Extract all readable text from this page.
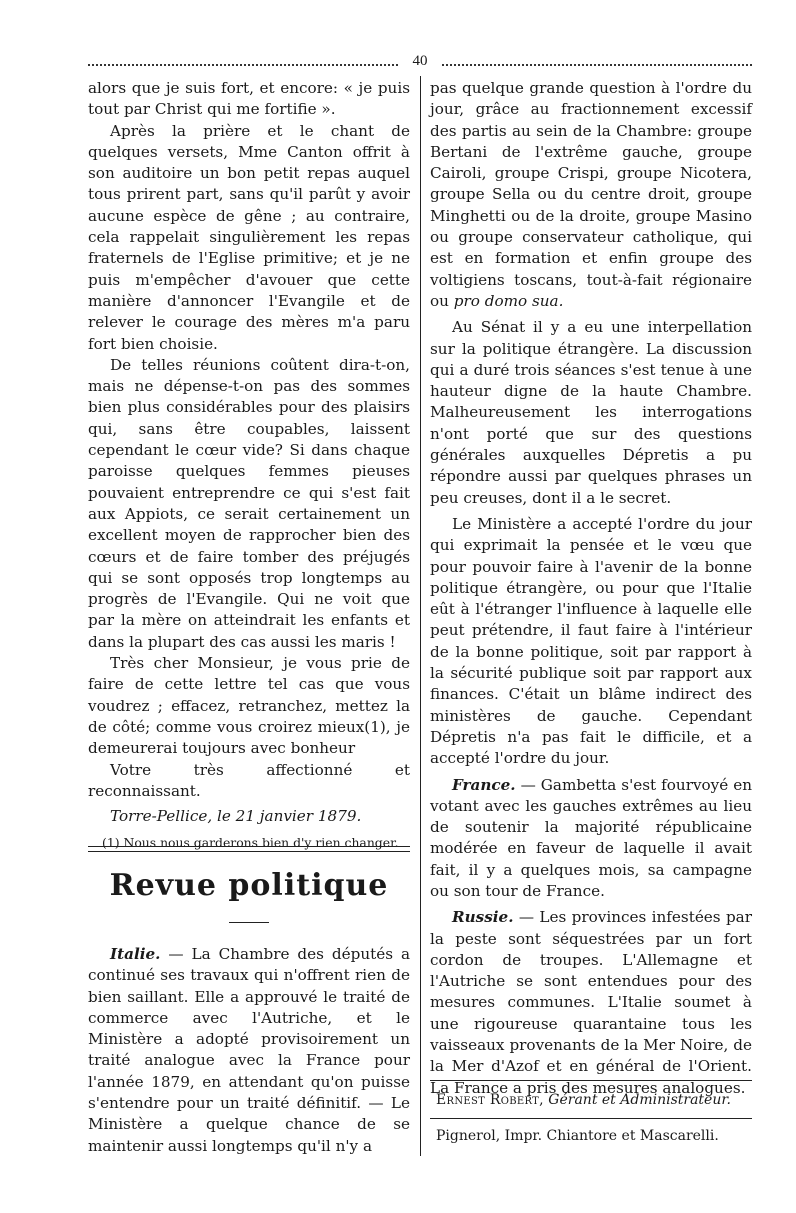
40

alors que je suis fort, et encore: « je puis tout par Christ qui me fortifie ».

Après la prière et le chant de quelques versets, Mme Canton offrit à son auditoire un bon petit repas auquel tous prirent part, sans qu'il parût y avoir aucune espèce de gêne ; au contraire, cela rappelait singulièrement les repas fraternels de l'Eglise primitive; et je ne puis m'empêcher d'avouer que cette manière d'annoncer l'Evangile et de relever le courage des mères m'a paru fort bien choisie.

De telles réunions coûtent dira-t-on, mais ne dépense-t-on pas des sommes bien plus considérables pour des plaisirs qui, sans être coupables, laissent cependant le cœur vide? Si dans chaque paroisse quelques femmes pieuses pouvaient entreprendre ce qui s'est fait aux Appiots, ce serait certainement un excellent moyen de rapprocher bien des cœurs et de faire tomber des préjugés qui se sont opposés trop longtemps au progrès de l'Evangile. Qui ne voit que par la mère on atteindrait les enfants et dans la plupart des cas aussi les maris !

Très cher Monsieur, je vous prie de faire de cette lettre tel cas que vous voudrez ; effacez, retranchez, mettez la de côté; comme vous croirez mieux(1), je demeurerai toujours avec bonheur

Votre très affectionné et reconnaissant.

Torre-Pellice, le 21 janvier 1879.

(1) Nous nous garderons bien d'y rien changer.

Revue politique

Italie. — La Chambre des députés a continué ses travaux qui n'offrent rien de bien saillant. Elle a approuvé le traité de commerce avec l'Autriche, et le Ministère a adopté provisoirement un traité analogue avec la France pour l'année 1879, en attendant qu'on puisse s'entendre pour un traité définitif. — Le Ministère a quelque chance de se maintenir aussi longtemps qu'il n'y a

pas quelque grande question à l'ordre du jour, grâce au fractionnement excessif des partis au sein de la Chambre: groupe Bertani de l'extrême gauche, groupe Cairoli, groupe Crispi, groupe Nicotera, groupe Sella ou du centre droit, groupe Minghetti ou de la droite, groupe Masino ou groupe conservateur catholique, qui est en formation et enfin groupe des voltigiens toscans, tout-à-fait régionaire ou pro domo sua.

Au Sénat il y a eu une interpellation sur la politique étrangère. La discussion qui a duré trois séances s'est tenue à une hauteur digne de la haute Chambre. Malheureusement les interrogations n'ont porté que sur des questions générales auxquelles Dépretis a pu répondre aussi par quelques phrases un peu creuses, dont il a le secret.

Le Ministère a accepté l'ordre du jour qui exprimait la pensée et le vœu que pour pouvoir faire à l'avenir de la bonne politique étrangère, ou pour que l'Italie eût à l'étranger l'influence à laquelle elle peut prétendre, il faut faire à l'intérieur de la bonne politique, soit par rapport à la sécurité publique soit par rapport aux finances. C'était un blâme indirect des ministères de gauche. Cependant Dépretis n'a pas fait le difficile, et a accepté l'ordre du jour.

France. — Gambetta s'est fourvoyé en votant avec les gauches extrêmes au lieu de soutenir la majorité républicaine modérée en faveur de laquelle il avait fait, il y a quelques mois, sa campagne ou son tour de France.

Russie. — Les provinces infestées par la peste sont séquestrées par un fort cordon de troupes. L'Allemagne et l'Autriche se sont entendues pour des mesures communes. L'Italie soumet à une rigoureuse quarantaine tous les vaisseaux provenants de la Mer Noire, de la Mer d'Azof et en général de l'Orient. La France a pris des mesures analogues.

Ernest Robert, Gérant et Administrateur.

Pignerol, Impr. Chiantore et Mascarelli.
